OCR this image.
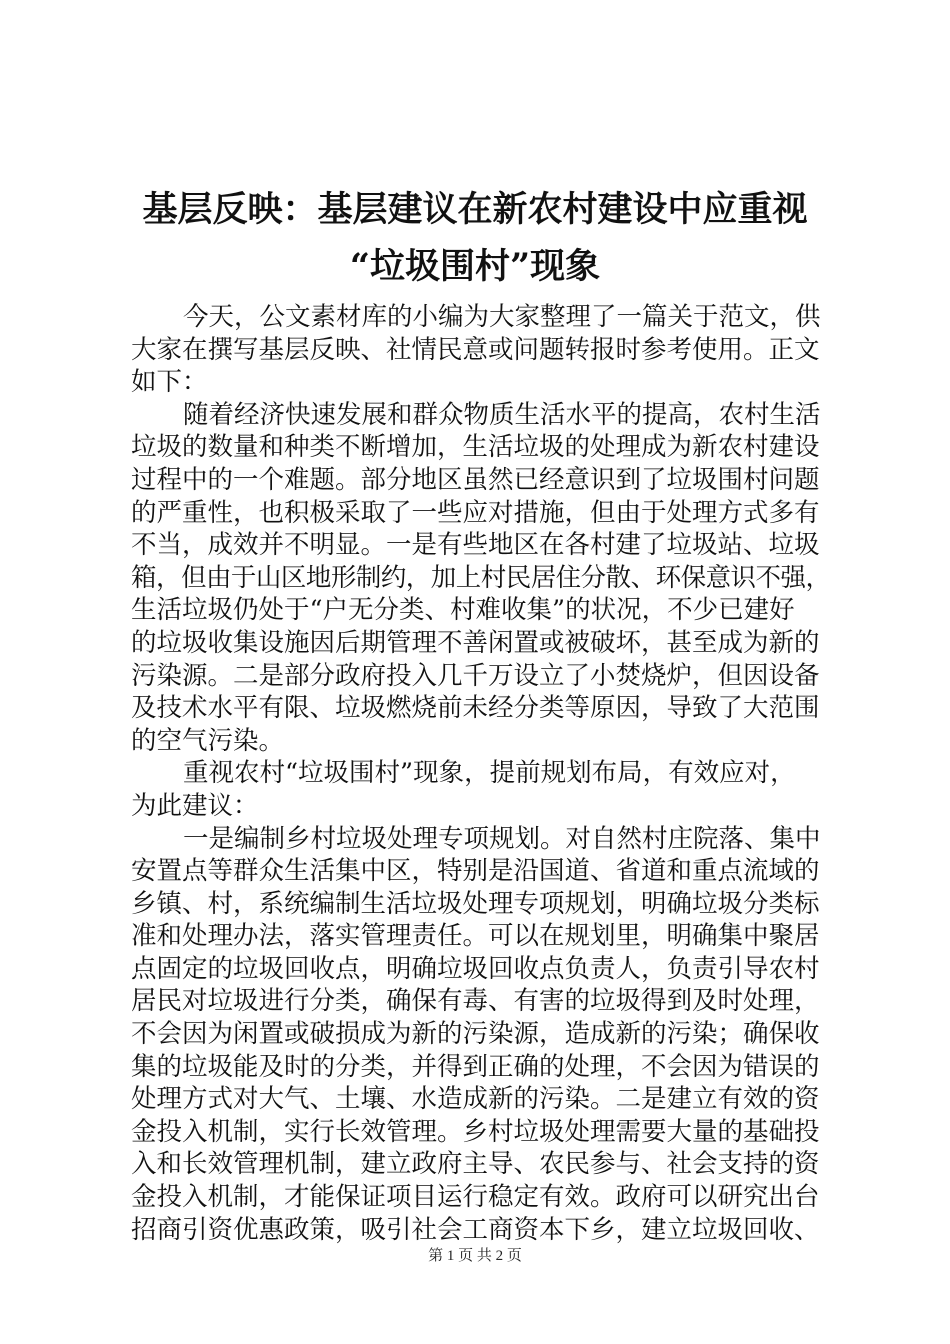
基层反映：基层建议在新农村建设中应重视
“垃圾围村”现象
今天，公文素材库的小编为大家整理了一篇关于范文，供
大家在撰写基层反映、社情民意或问题转报时参考使用。正文
如下：
随着经济快速发展和群众物质生活水平的提高，农村生活
垃圾的数量和种类不断增加，生活垃圾的处理成为新农村建设
过程中的一个难题。部分地区虽然已经意识到了垃圾围村问题
的严重性，也积极采取了一些应对措施，但由于处理方式多有
不当，成效并不明显。一是有些地区在各村建了垃圾站、垃圾
箱，但由于山区地形制约，加上村民居住分散、环保意识不强，
生活垃圾仍处于“户无分类、村难收集”的状况，不少已建好
的垃圾收集设施因后期管理不善闲置或被破坏，甚至成为新的
污染源。二是部分政府投入几千万设立了小焚烧炉，但因设备
及技术水平有限、垃圾燃烧前未经分类等原因，导致了大范围
的空气污染。
重视农村“垃圾围村”现象，提前规划布局，有效应对，
为此建议：
一是编制乡村垃圾处理专项规划。对自然村庄院落、集中
安置点等群众生活集中区，特别是沿国道、省道和重点流域的
乡镇、村，系统编制生活垃圾处理专项规划，明确垃圾分类标
准和处理办法，落实管理责任。可以在规划里，明确集中聚居
点固定的垃圾回收点，明确垃圾回收点负责人，负责引导农村
居民对垃圾进行分类，确保有毒、有害的垃圾得到及时处理，
不会因为闲置或破损成为新的污染源，造成新的污染；确保收
集的垃圾能及时的分类，并得到正确的处理，不会因为错误的
处理方式对大气、土壤、水造成新的污染。二是建立有效的资
金投入机制，实行长效管理。乡村垃圾处理需要大量的基础投
入和长效管理机制，建立政府主导、农民参与、社会支持的资
金投入机制，才能保证项目运行稳定有效。政府可以研究出台
招商引资优惠政策，吸引社会工商资本下乡，建立垃圾回收、
第 1 页 共 2 页
